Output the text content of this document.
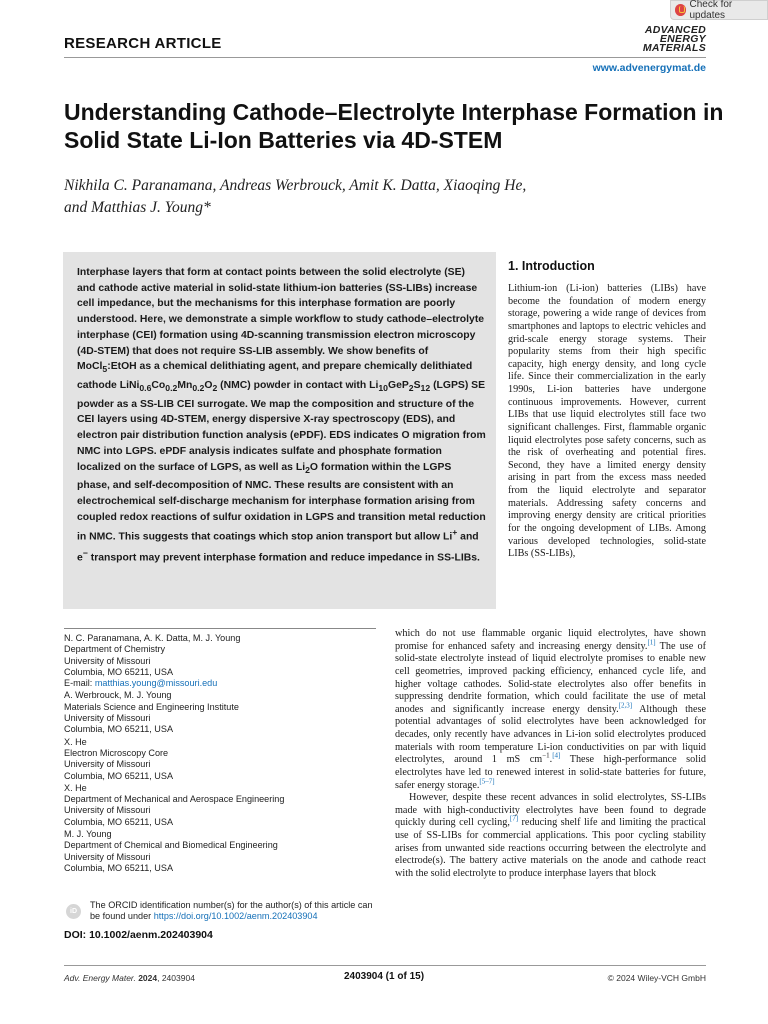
Check for updates
RESEARCH ARTICLE
ADVANCED
ENERGY
MATERIALS
www.advenergymat.de
Understanding Cathode–Electrolyte Interphase Formation in Solid State Li-Ion Batteries via 4D-STEM
Nikhila C. Paranamana, Andreas Werbrouck, Amit K. Datta, Xiaoqing He,
and Matthias J. Young*
Interphase layers that form at contact points between the solid electrolyte (SE) and cathode active material in solid-state lithium-ion batteries (SS-LIBs) increase cell impedance, but the mechanisms for this interphase formation are poorly understood. Here, we demonstrate a simple workflow to study cathode–electrolyte interphase (CEI) formation using 4D-scanning transmission electron microscopy (4D-STEM) that does not require SS-LIB assembly. We show benefits of MoCl$_5$:EtOH as a chemical delithiating agent, and prepare chemically delithiated cathode $LiNi_{0.6}Co_{0.2}Mn_{0.2}O_2$ (NMC) powder in contact with $Li_{10}GeP_2S_{12}$ (LGPS) SE powder as a SS-LIB CEI surrogate. We map the composition and structure of the CEI layers using 4D-STEM, energy dispersive X-ray spectroscopy (EDS), and electron pair distribution function analysis (ePDF). EDS indicates O migration from NMC into LGPS. ePDF analysis indicates sulfate and phosphate formation localized on the surface of LGPS, as well as $Li_2O$ formation within the LGPS phase, and self-decomposition of NMC. These results are consistent with an electrochemical self-discharge mechanism for interphase formation arising from coupled redox reactions of sulfur oxidation in LGPS and transition metal reduction in NMC. This suggests that coatings which stop anion transport but allow Li+ and e− transport may prevent interphase formation and reduce impedance in SS-LIBs.
1. Introduction
Lithium-ion (Li-ion) batteries (LIBs) have become the foundation of modern energy storage, powering a wide range of devices from smartphones and laptops to electric vehicles and grid-scale energy storage systems. Their popularity stems from their high specific capacity, high energy density, and long cycle life. Since their commercialization in the early 1990s, Li-ion batteries have undergone continuous improvements. However, current LIBs that use liquid electrolytes still face two significant challenges. First, flammable organic liquid electrolytes pose safety concerns, such as the risk of overheating and potential fires. Second, they have a limited energy density arising in part from the excess mass needed from the liquid electrolyte and separator materials. Addressing safety concerns and improving energy density are critical priorities for the ongoing development of LIBs. Among various developed technologies, solid-state LIBs (SS-LIBs),
which do not use flammable organic liquid electrolytes, have shown promise for enhanced safety and increasing energy density.[1] The use of solid-state electrolyte instead of liquid electrolyte promises to enable new cell geometries, improved packing efficiency, enhanced cycle life, and higher voltage cathodes. Solid-state electrolytes also offer benefits in suppressing dendrite formation, which could facilitate the use of metal anodes and significantly increase energy density.[2,3] Although these potential advantages of solid electrolytes have been acknowledged for decades, only recently have advances in Li-ion solid electrolytes produced materials with room temperature Li-ion conductivities on par with liquid electrolytes, around 1 mS $cm^{-1}.[4]$ These high-performance solid electrolytes have led to renewed interest in solid-state batteries for future, safer energy storage.[5–7]
However, despite these recent advances in solid electrolytes, SS-LIBs made with high-conductivity electrolytes have been found to degrade quickly during cell cycling,[7] reducing shelf life and limiting the practical use of SS-LIBs for commercial applications. This poor cycling stability arises from unwanted side reactions occurring between the electrolyte and electrode(s). The battery active materials on the anode and cathode react with the solid electrolyte to produce interphase layers that block
N. C. Paranamana, A. K. Datta, M. J. Young
Department of Chemistry
University of Missouri
Columbia, MO 65211, USA
E-mail: matthias.young@missouri.edu
A. Werbrouck, M. J. Young
Materials Science and Engineering Institute
University of Missouri
Columbia, MO 65211, USA
X. He
Electron Microscopy Core
University of Missouri
Columbia, MO 65211, USA
X. He
Department of Mechanical and Aerospace Engineering
University of Missouri
Columbia, MO 65211, USA
M. J. Young
Department of Chemical and Biomedical Engineering
University of Missouri
Columbia, MO 65211, USA
iD
The ORCID identification number(s) for the author(s) of this article can be found under https://doi.org/10.1002/aenm.202403904
DOI: 10.1002/aenm.202403904
Adv. Energy Mater. 2024, 2403904	2403904 (1 of 15)	© 2024 Wiley-VCH GmbH
